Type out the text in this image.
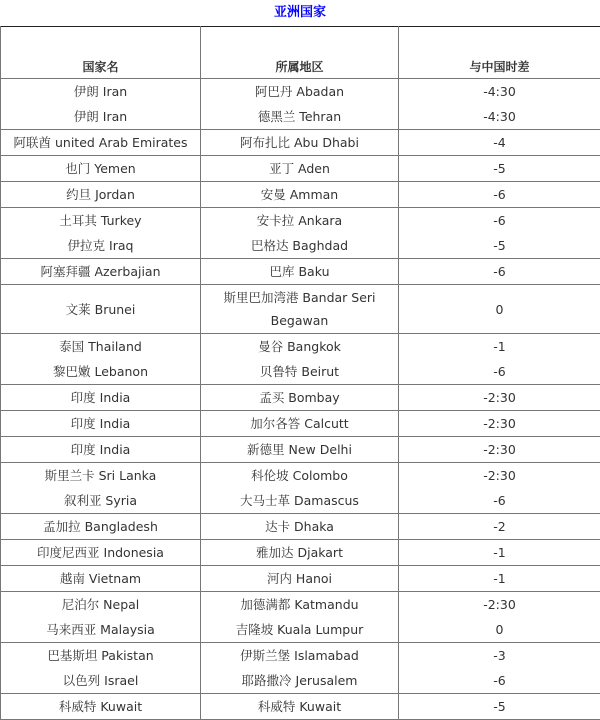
亚洲国家
国家名	所属地区	与中国时差
伊朗 Iran	阿巴丹 Abadan	-4:30
伊朗 Iran	德黑兰 Tehran	-4:30
阿联酋 united Arab Emirates	阿布扎比 Abu Dhabi	-4
也门 Yemen	亚丁 Aden	-5
约旦 Jordan	安曼 Amman	-6
土耳其 Turkey	安卡拉 Ankara	-6
伊拉克 Iraq	巴格达 Baghdad	-5
阿塞拜疆 Azerbajian	巴库 Baku	-6
文莱 Brunei	斯里巴加湾港 Bandar Seri Begawan	0
泰国 Thailand	曼谷 Bangkok	-1
黎巴嫩 Lebanon	贝鲁特 Beirut	-6
印度 India	孟买 Bombay	-2:30
印度 India	加尔各答 Calcutt	-2:30
印度 India	新德里 New Delhi	-2:30
斯里兰卡 Sri Lanka	科伦坡 Colombo	-2:30
叙利亚 Syria	大马士革 Damascus	-6
孟加拉 Bangladesh	达卡 Dhaka	-2
印度尼西亚 Indonesia	雅加达 Djakart	-1
越南 Vietnam	河内 Hanoi	-1
尼泊尔 Nepal	加德满都 Katmandu	-2:30
马来西亚 Malaysia	吉隆坡 Kuala Lumpur	0
巴基斯坦 Pakistan	伊斯兰堡 Islamabad	-3
以色列 Israel	耶路撒冷 Jerusalem	-6
科威特 Kuwait	科威特 Kuwait	-5
